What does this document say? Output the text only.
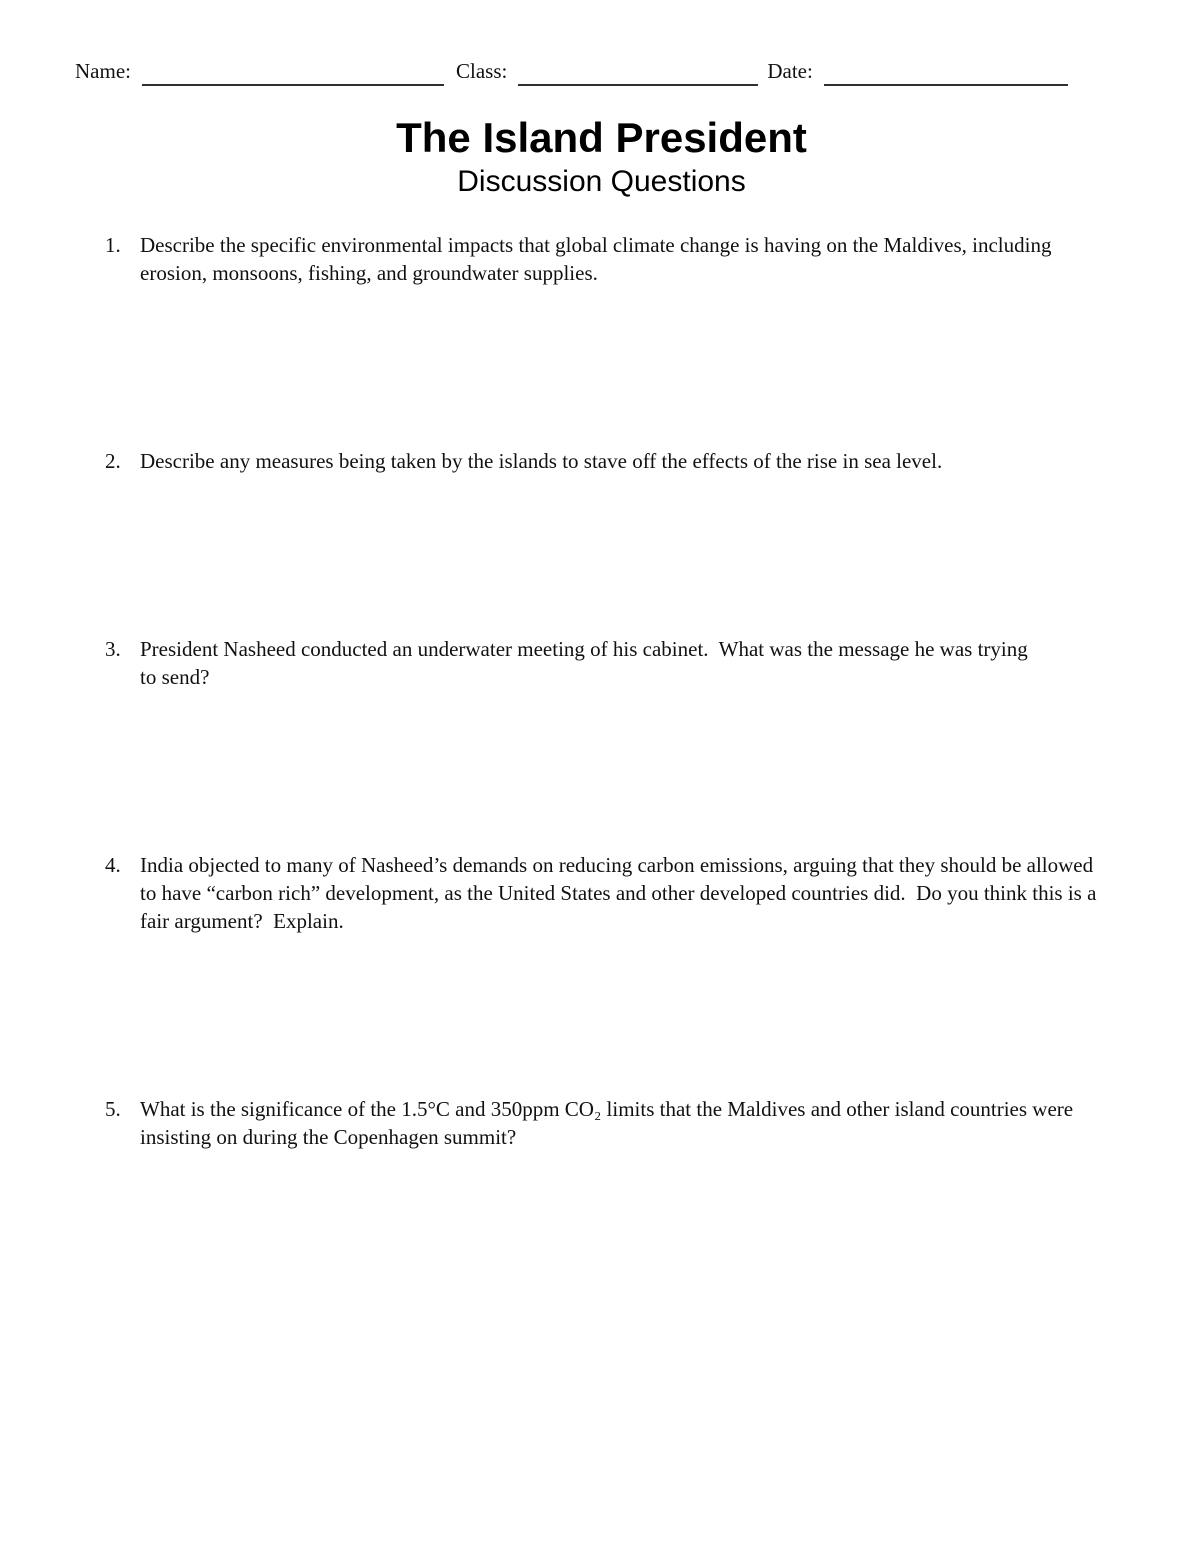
Name:	Class:	Date:
The Island President
Discussion Questions
1. Describe the specific environmental impacts that global climate change is having on the Maldives, including erosion, monsoons, fishing, and groundwater supplies.
2. Describe any measures being taken by the islands to stave off the effects of the rise in sea level.
3. President Nasheed conducted an underwater meeting of his cabinet.  What was the message he was trying to send?
4. India objected to many of Nasheed’s demands on reducing carbon emissions, arguing that they should be allowed to have “carbon rich” development, as the United States and other developed countries did.  Do you think this is a fair argument?  Explain.
5. What is the significance of the 1.5°C and 350ppm CO₂ limits that the Maldives and other island countries were insisting on during the Copenhagen summit?
